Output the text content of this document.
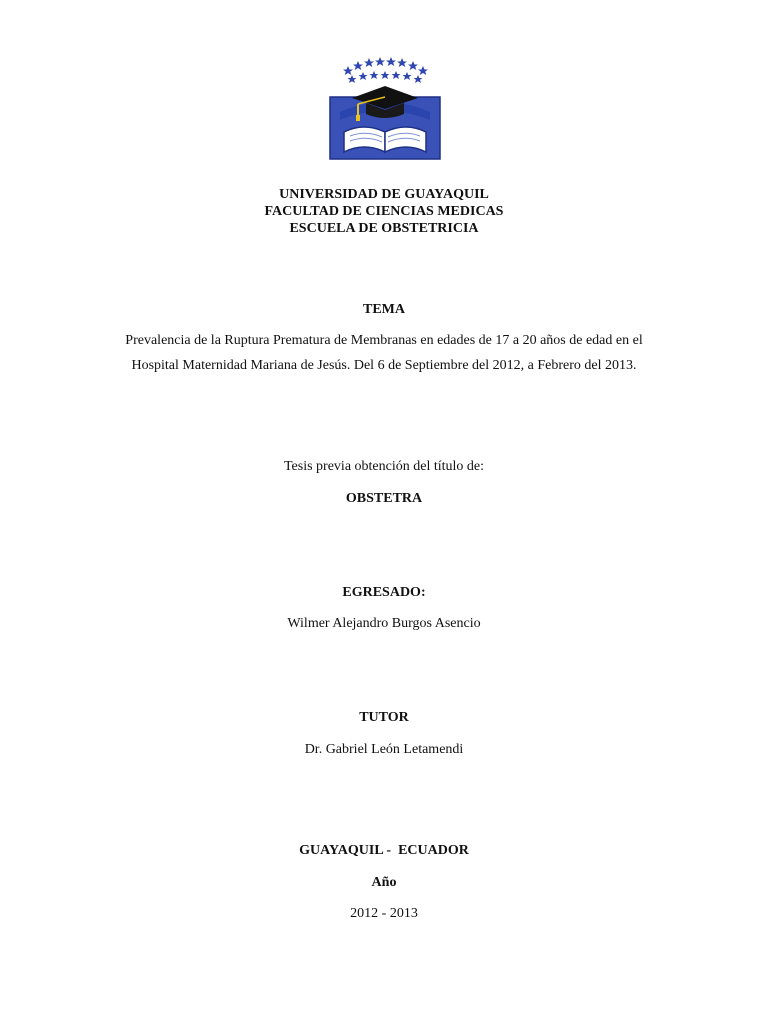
UNIVERSIDAD DE GUAYAQUIL
FACULTAD DE CIENCIAS MEDICAS
ESCUELA DE OBSTETRICIA
TEMA
Prevalencia de la Ruptura Prematura de Membranas en edades de 17 a 20 años de edad en el Hospital Maternidad Mariana de Jesús. Del 6 de Septiembre del 2012, a Febrero del 2013.
Tesis previa obtención del título de:
OBSTETRA
EGRESADO:
Wilmer Alejandro Burgos Asencio
TUTOR
Dr. Gabriel León Letamendi
GUAYAQUIL -  ECUADOR
Año
2012 - 2013
